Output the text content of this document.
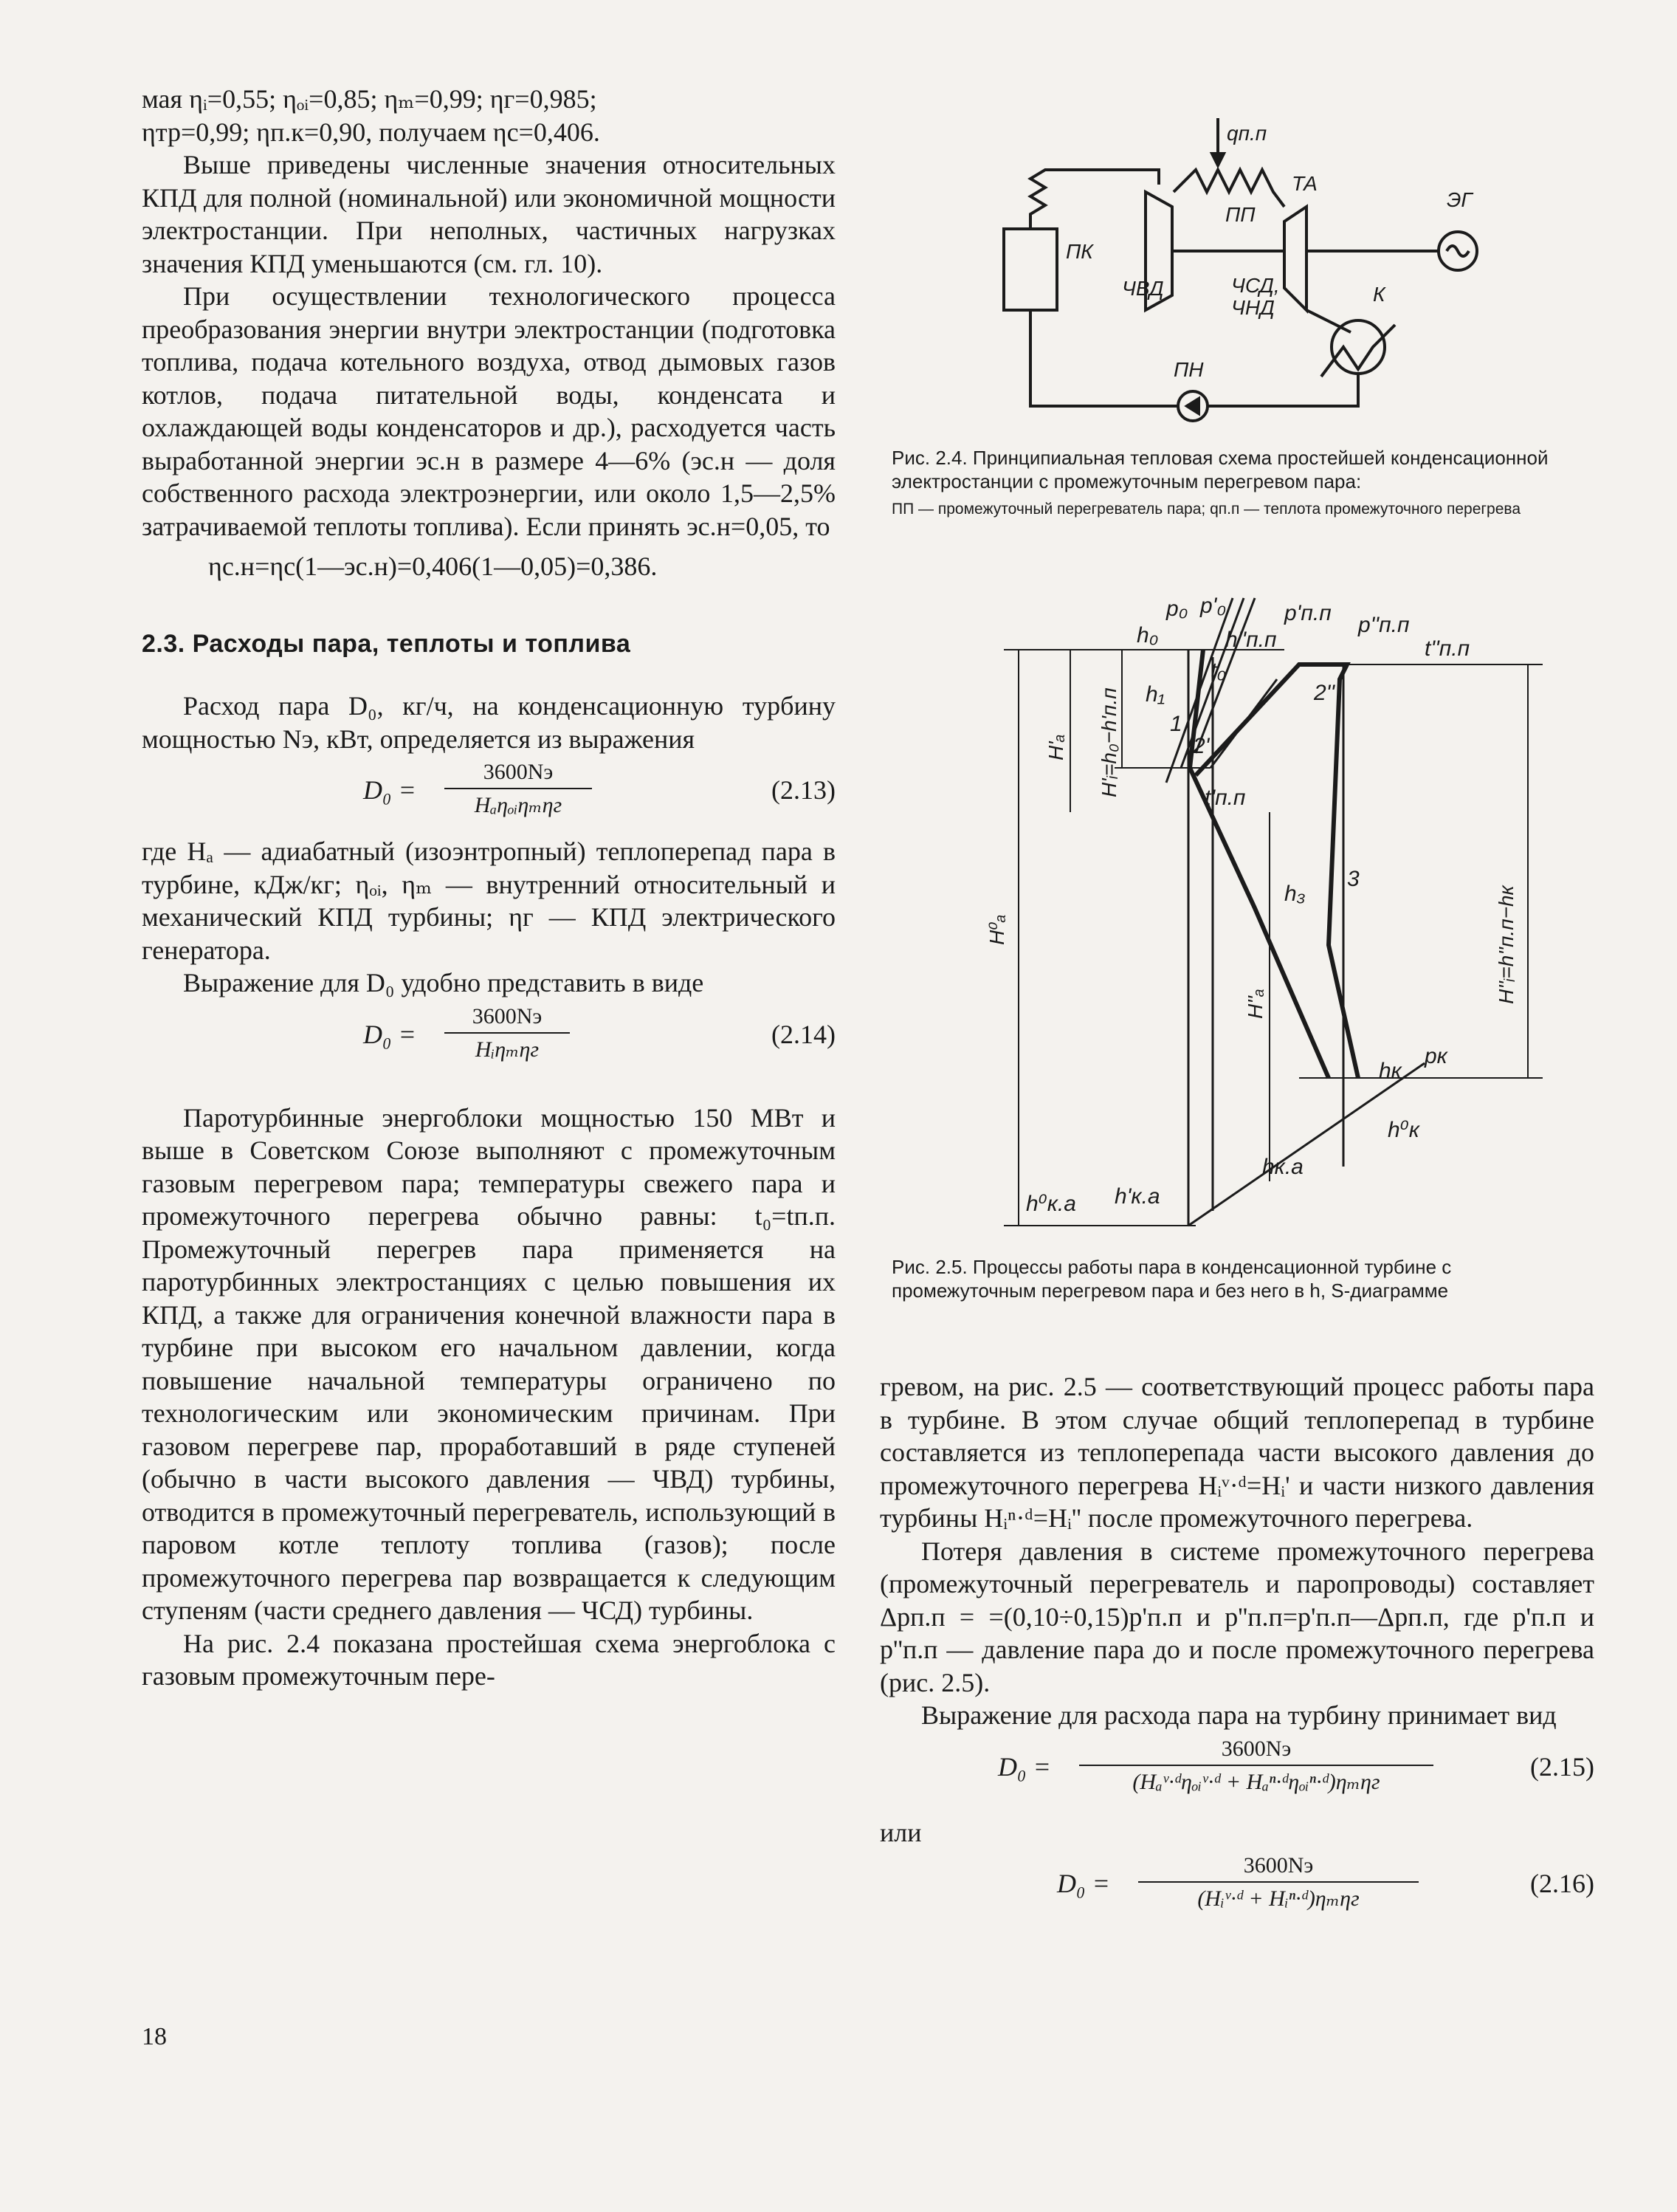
мая ηᵢ=0,55; ηₒᵢ=0,85; ηₘ=0,99; ηг=0,985;

ηтр=0,99; ηп.к=0,90, получаем ηс=0,406.

Выше приведены численные значения относительных КПД для полной (номинальной) или экономичной мощности электростанции. При неполных, частичных нагрузках значения КПД уменьшаются (см. гл. 10).

При осуществлении технологического процесса преобразования энергии внутри электростанции (подготовка топлива, подача котельного воздуха, отвод дымовых газов котлов, подача питательной воды, конденсата и охлаждающей воды конденсаторов и др.), расходуется часть выработанной энергии эс.н в размере 4—6% (эс.н — доля собственного расхода электроэнергии, или около 1,5—2,5% затрачиваемой теплоты топлива). Если принять эс.н=0,05, то

ηс.н=ηс(1—эс.н)=0,406(1—0,05)=0,386.
2.3. Расходы пара, теплоты и топлива

Расход пара D₀, кг/ч, на конденсационную турбину мощностью Nэ, кВт, определяется из выражения

D₀ =
3600Nэ
Hₐηₒᵢηₘηг
(2.13)

где Hₐ — адиабатный (изоэнтропный) теплоперепад пара в турбине, кДж/кг; ηₒᵢ, ηₘ — внутренний относительный и механический КПД турбины; ηг — КПД электрического генератора.

Выражение для D₀ удобно представить в виде

D₀ =
3600Nэ
Hᵢηₘηг
(2.14)

Паротурбинные энергоблоки мощностью 150 МВт и выше в Советском Союзе выполняют с промежуточным газовым перегревом пара; температуры свежего пара и промежуточного перегрева обычно равны: t₀=tп.п. Промежуточный перегрев пара применяется на паротурбинных электростанциях с целью повышения их КПД, а также для ограничения конечной влажности пара в турбине при высоком его начальном давлении, когда повышение начальной температуры ограничено по технологическим или экономическим причинам. При газовом перегреве пар, проработавший в ряде ступеней (обычно в части высокого давления — ЧВД) турбины, отводится в промежуточный перегреватель, использующий в паровом котле теплоту топлива (газов); после промежуточного перегрева пар возвращается к следующим ступеням (части среднего давления — ЧСД) турбины.

На рис. 2.4 показана простейшая схема энергоблока с газовым промежуточным пере-

18
ПК
ПП
ТА
ЭГ
ЧВД	ЧСД,
ЧНД
К
ПН
qп.п

Рис. 2.4. Принципиальная тепловая схема простейшей конденсационной электростанции с промежуточным перегревом пара:

ПП — промежуточный перегреватель пара; qп.п — теплота промежуточного перегрева

p₀ p'₀	p'п.п p''п.п
h₀	h''п.п
t₀
t''п.п
h₁
1
2'
2''
t'п.п
h₃
3
pк
hк
hк.а
h⁰к
h⁰к.а h'к.а
H⁰ₐ
H'ₐ H'ᵢ=h₀−h'п.п
H''ᵢ=h''п.п−hк
H''ₐ

Рис. 2.5. Процессы работы пара в конденсационной турбине с промежуточным перегревом пара и без него в h, S-диаграмме

гревом, на рис. 2.5 — соответствующий процесс работы пара в турбине. В этом случае общий теплоперепад в турбине составляется из теплоперепада части высокого давления до промежуточного перегрева Hᵢᵛ·ᵈ=Hᵢ' и части низкого давления турбины Hᵢⁿ·ᵈ=Hᵢ'' после промежуточного перегрева.

Потеря давления в системе промежуточного перегрева (промежуточный перегреватель и паропроводы) составляет Δpп.п = =(0,10÷0,15)p'п.п и p''п.п=p'п.п—Δpп.п, где p'п.п и p''п.п — давление пара до и после промежуточного перегрева (рис. 2.5).

Выражение для расхода пара на турбину принимает вид

D₀ =
3600Nэ
(Hₐᵛ·ᵈηₒᵢᵛ·ᵈ + Hₐⁿ·ᵈηₒᵢⁿ·ᵈ)ηₘηг
(2.15)

или

D₀ =
3600Nэ
(Hᵢᵛ·ᵈ + Hᵢⁿ·ᵈ)ηₘηг
(2.16)
